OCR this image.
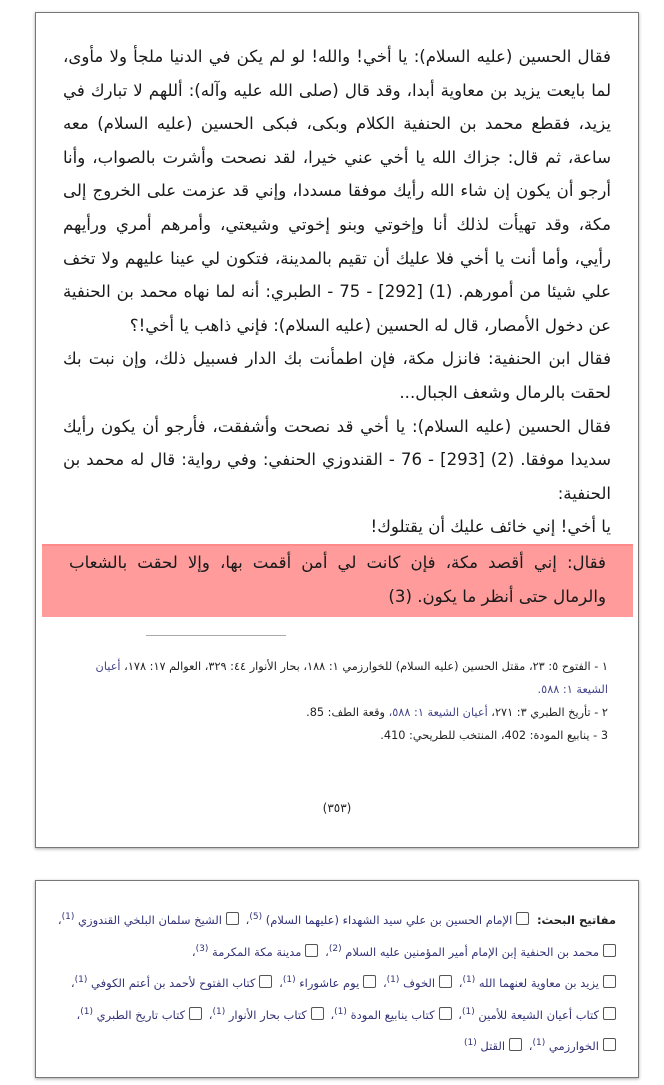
فقال الحسين (عليه السلام): يا أخي! والله! لو لم يكن في الدنيا ملجأ ولا مأوى، لما بايعت يزيد بن معاوية أبدا، وقد قال (صلى الله عليه وآله): أللهم لا تبارك في يزيد، فقطع محمد بن الحنفية الكلام وبكى، فبكى الحسين (عليه السلام) معه ساعة، ثم قال: جزاك الله يا أخي عني خيرا، لقد نصحت وأشرت بالصواب، وأنا أرجو أن يكون إن شاء الله رأيك موفقا مسددا، وإني قد عزمت على الخروج إلى مكة، وقد تهيأت لذلك أنا وإخوتي وبنو إخوتي وشيعتي، وأمرهم أمري ورأيهم رأيي، وأما أنت يا أخي فلا عليك أن تقيم بالمدينة، فتكون لي عينا عليهم ولا تخف علي شيئا من أمورهم. (1) [292] - 75 - الطبري: أنه لما نهاه محمد بن الحنفية عن دخول الأمصار، قال له الحسين (عليه السلام): فإني ذاهب يا أخي!؟

فقال ابن الحنفية: فانزل مكة، فإن اطمأنت بك الدار فسبيل ذلك، وإن نبت بك لحقت بالرمال وشعف الجبال...

فقال الحسين (عليه السلام): يا أخي قد نصحت وأشفقت، فأرجو أن يكون رأيك سديدا موفقا. (2) [293] - 76 - القندوزي الحنفي: وفي رواية: قال له محمد بن الحنفية:

يا أخي! إني خائف عليك أن يقتلوك!

فقال: إني أقصد مكة، فإن كانت لي أمن أقمت بها، وإلا لحقت بالشعاب والرمال حتى أنظر ما يكون. (3)

١ - الفتوح ٥: ٢٣، مقتل الحسين (عليه السلام) للخوارزمي ١: ١٨٨، بحار الأنوار ٤٤: ٣٢٩، العوالم ١٧: ١٧٨، أعيان الشيعة ١: ٥٨٨.

٢ - تأريخ الطبري ٣: ٢٧١، أعيان الشيعة ١: ٥٨٨، وقعة الطف: 85.

3 - ينابيع المودة: 402، المنتخب للطريحي: 410.

(٣٥٣)
مفاتيح البحث: الإمام الحسين بن علي سيد الشهداء (عليهما السلام) $^{(5)}$، الشيخ سلمان البلخي القندوزي $^{(1)}$، محمد بن الحنفية إبن الإمام أمير المؤمنين عليه السلام $^{(2)}$، مدينة مكة المكرمة $^{(3)}$، يزيد بن معاوية لعنهما الله $^{(1)}$، الخوف $^{(1)}$، يوم عاشوراء $^{(1)}$، كتاب الفتوح لأحمد بن أعتم الكوفي $^{(1)}$، كتاب أعيان الشيعة للأمين $^{(1)}$، كتاب ينابيع المودة $^{(1)}$، كتاب بحار الأنوار $^{(1)}$، كتاب تاريخ الطبري $^{(1)}$، الخوارزمي $^{(1)}$، القتل $^{(1)}$
